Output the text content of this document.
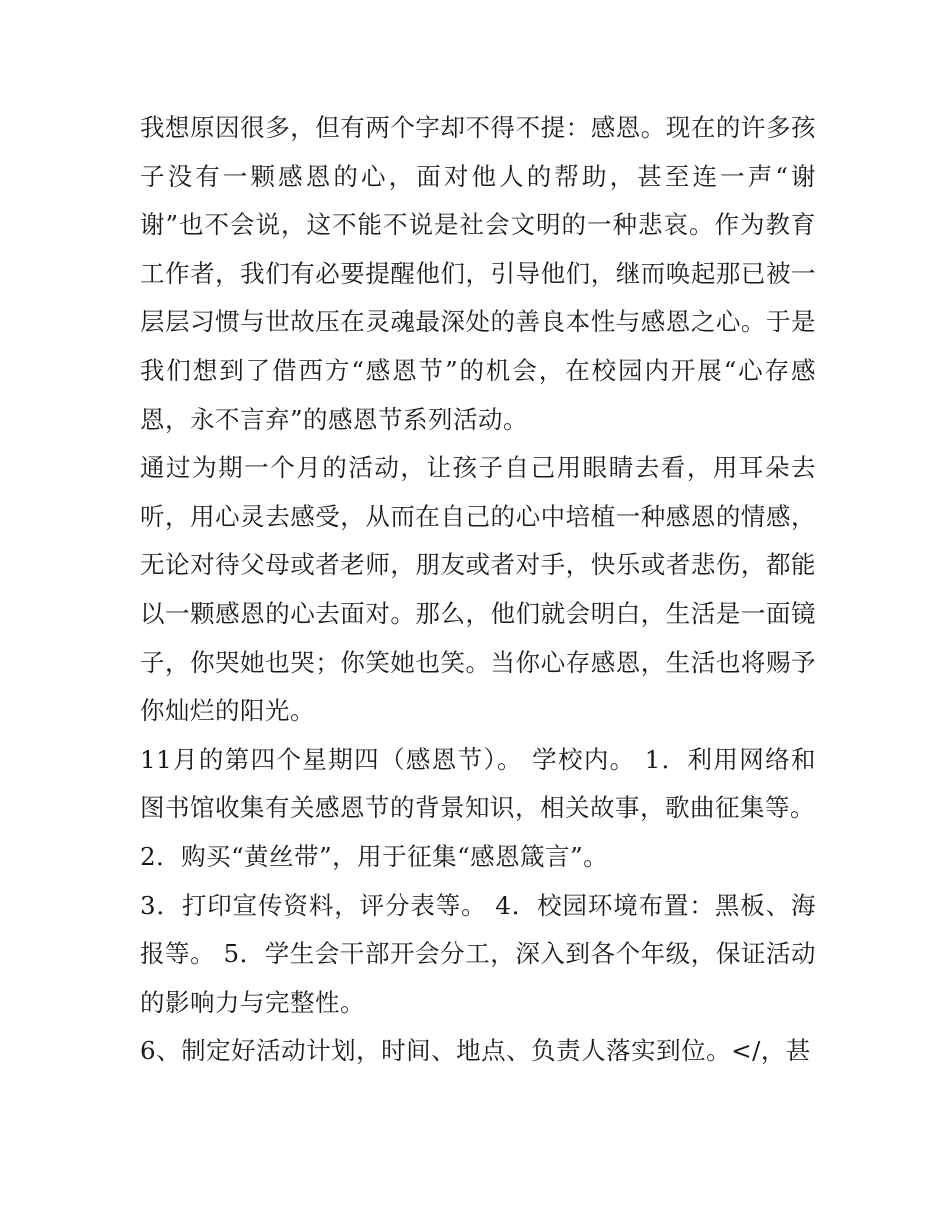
我想原因很多，但有两个字却不得不提：感恩。现在的许多孩子没有一颗感恩的心，面对他人的帮助，甚至连一声“谢谢”也不会说，这不能不说是社会文明的一种悲哀。作为教育工作者，我们有必要提醒他们，引导他们，继而唤起那已被一层层习惯与世故压在灵魂最深处的善良本性与感恩之心。于是我们想到了借西方“感恩节”的机会，在校园内开展“心存感恩，永不言弃”的感恩节系列活动。

通过为期一个月的活动，让孩子自己用眼睛去看，用耳朵去听，用心灵去感受，从而在自己的心中培植一种感恩的情感，无论对待父母或者老师，朋友或者对手，快乐或者悲伤，都能以一颗感恩的心去面对。那么，他们就会明白，生活是一面镜子，你哭她也哭；你笑她也笑。当你心存感恩，生活也将赐予你灿烂的阳光。

11月的第四个星期四（感恩节）。 学校内。 1．利用网络和图书馆收集有关感恩节的背景知识，相关故事，歌曲征集等。

2．购买“黄丝带”，用于征集“感恩箴言”。

3．打印宣传资料，评分表等。 4．校园环境布置：黑板、海报等。 5．学生会干部开会分工，深入到各个年级，保证活动的影响力与完整性。

6、制定好活动计划，时间、地点、负责人落实到位。</，甚
